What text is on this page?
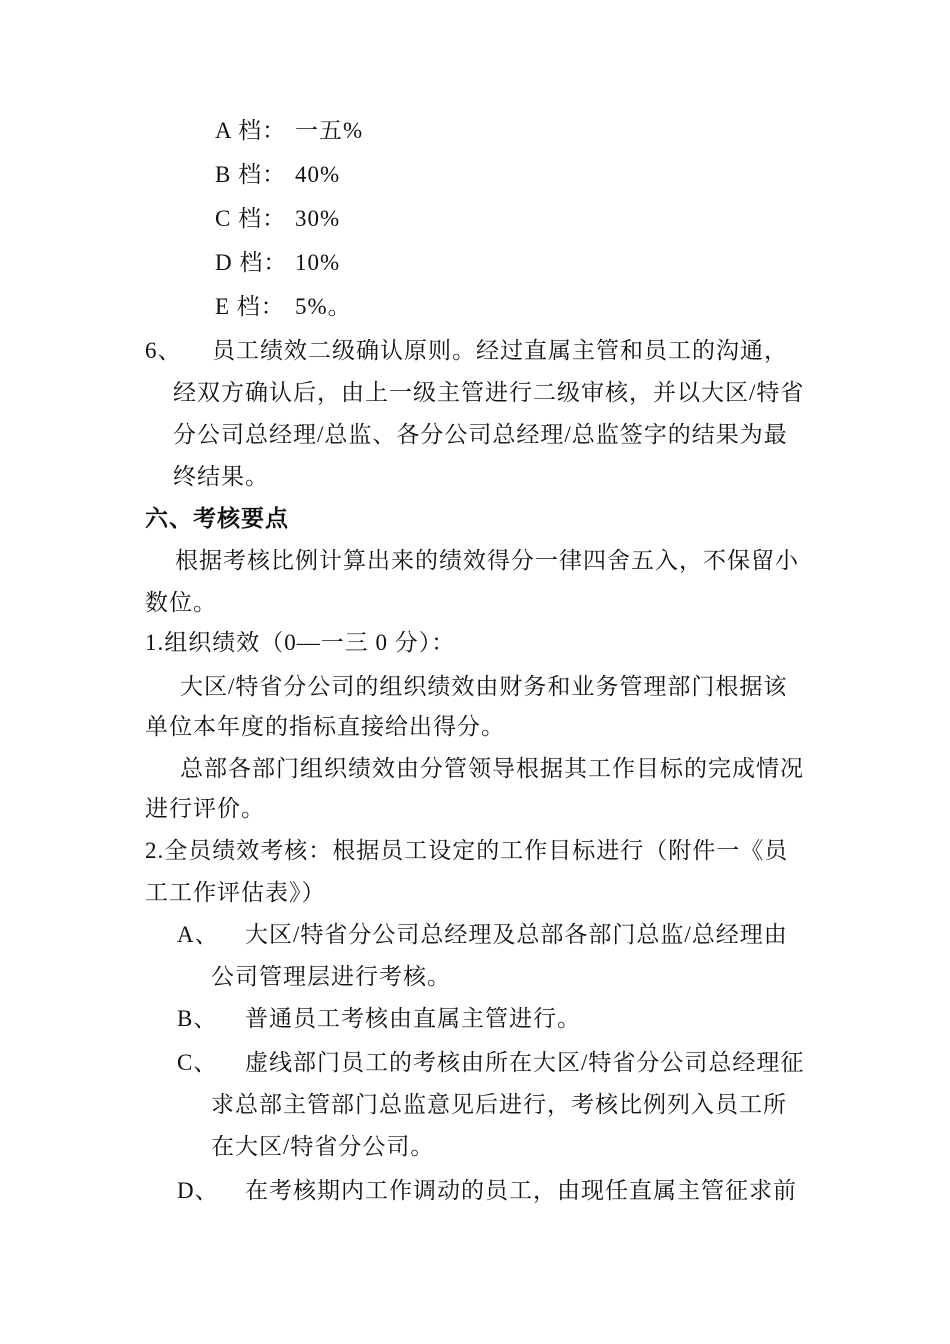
A 档： 一五%
B 档： 40%
C 档： 30%
D 档： 10%
E 档： 5%。
6、 员工绩效二级确认原则。经过直属主管和员工的沟通，
经双方确认后，由上一级主管进行二级审核，并以大区/特省
分公司总经理/总监、各分公司总经理/总监签字的结果为最
终结果。
六、考核要点
根据考核比例计算出来的绩效得分一律四舍五入，不保留小
数位。
1.组织绩效（0—一三 0 分）：
大区/特省分公司的组织绩效由财务和业务管理部门根据该
单位本年度的指标直接给出得分。
总部各部门组织绩效由分管领导根据其工作目标的完成情况
进行评价。
2.全员绩效考核：根据员工设定的工作目标进行（附件一《员
工工作评估表》）
A、 大区/特省分公司总经理及总部各部门总监/总经理由
公司管理层进行考核。
B、 普通员工考核由直属主管进行。
C、 虚线部门员工的考核由所在大区/特省分公司总经理征
求总部主管部门总监意见后进行，考核比例列入员工所
在大区/特省分公司。
D、 在考核期内工作调动的员工，由现任直属主管征求前
